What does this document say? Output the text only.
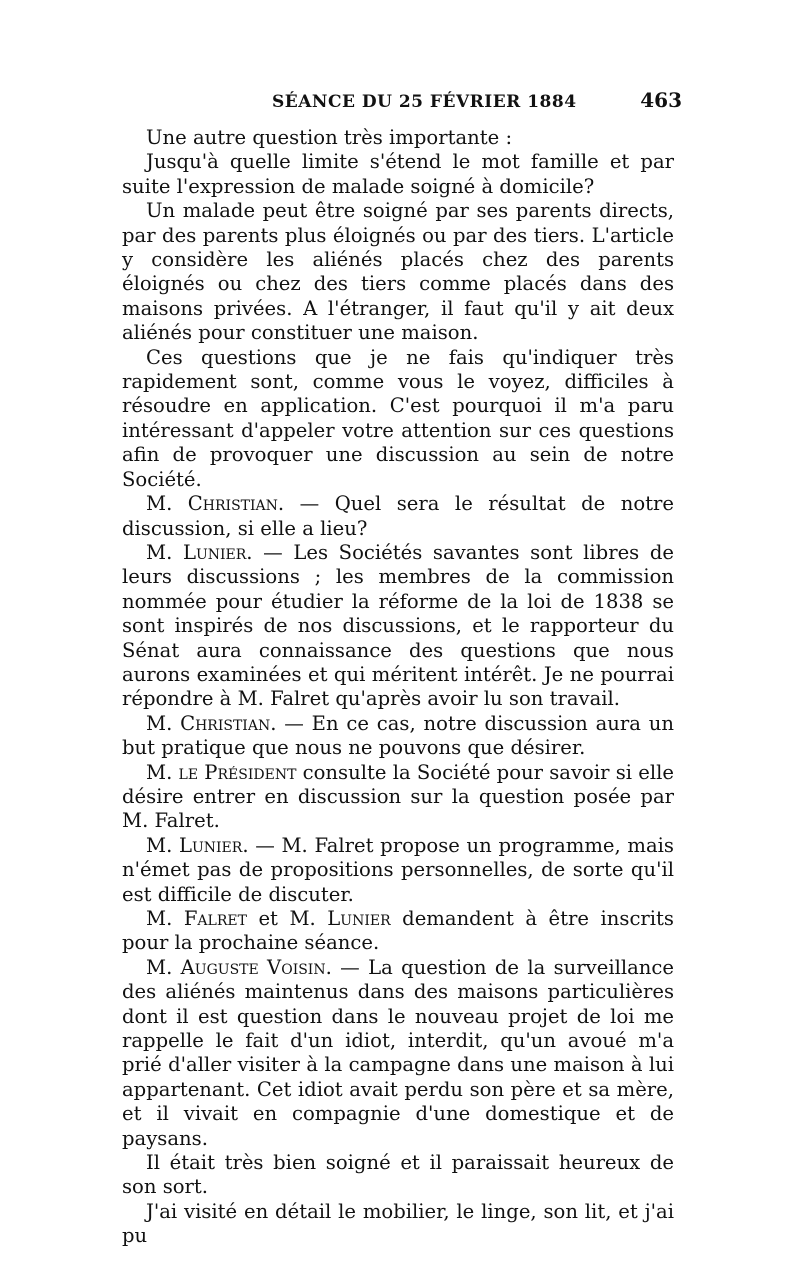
SÉANCE DU 25 FÉVRIER 1884	463

Une autre question très importante :

Jusqu'à quelle limite s'étend le mot famille et par suite l'expression de malade soigné à domicile?

Un malade peut être soigné par ses parents directs, par des parents plus éloignés ou par des tiers. L'article y considère les aliénés placés chez des parents éloignés ou chez des tiers comme placés dans des maisons privées. A l'étranger, il faut qu'il y ait deux aliénés pour constituer une maison.

Ces questions que je ne fais qu'indiquer très rapidement sont, comme vous le voyez, difficiles à résoudre en application. C'est pourquoi il m'a paru intéressant d'appeler votre attention sur ces questions afin de provoquer une discussion au sein de notre Société.

M. Christian. — Quel sera le résultat de notre discussion, si elle a lieu?

M. Lunier. — Les Sociétés savantes sont libres de leurs discussions ; les membres de la commission nommée pour étudier la réforme de la loi de 1838 se sont inspirés de nos discussions, et le rapporteur du Sénat aura connaissance des questions que nous aurons examinées et qui méritent intérêt. Je ne pourrai répondre à M. Falret qu'après avoir lu son travail.

M. Christian. — En ce cas, notre discussion aura un but pratique que nous ne pouvons que désirer.

M. le Président consulte la Société pour savoir si elle désire entrer en discussion sur la question posée par M. Falret.

M. Lunier. — M. Falret propose un programme, mais n'émet pas de propositions personnelles, de sorte qu'il est difficile de discuter.

M. Falret et M. Lunier demandent à être inscrits pour la prochaine séance.

M. Auguste Voisin. — La question de la surveillance des aliénés maintenus dans des maisons particulières dont il est question dans le nouveau projet de loi me rappelle le fait d'un idiot, interdit, qu'un avoué m'a prié d'aller visiter à la campagne dans une maison à lui appartenant. Cet idiot avait perdu son père et sa mère, et il vivait en compagnie d'une domestique et de paysans.

Il était très bien soigné et il paraissait heureux de son sort.

J'ai visité en détail le mobilier, le linge, son lit, et j'ai pu
